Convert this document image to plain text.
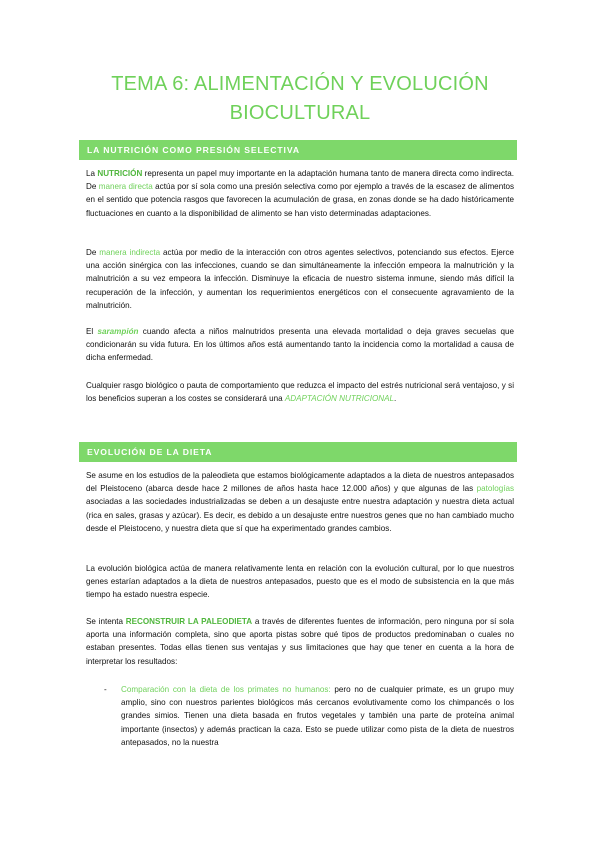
TEMA 6: ALIMENTACIÓN Y EVOLUCIÓN
BIOCULTURAL
LA NUTRICIÓN COMO PRESIÓN SELECTIVA

La NUTRICIÓN representa un papel muy importante en la adaptación humana tanto de manera directa como indirecta. De manera directa actúa por sí sola como una presión selectiva como por ejemplo a través de la escasez de alimentos en el sentido que potencia rasgos que favorecen la acumulación de grasa, en zonas donde se ha dado históricamente fluctuaciones en cuanto a la disponibilidad de alimento se han visto determinadas adaptaciones.

De manera indirecta actúa por medio de la interacción con otros agentes selectivos, potenciando sus efectos. Ejerce una acción sinérgica con las infecciones, cuando se dan simultáneamente la infección empeora la malnutrición y la malnutrición a su vez empeora la infección. Disminuye la eficacia de nuestro sistema inmune, siendo más difícil la recuperación de la infección, y aumentan los requerimientos energéticos con el consecuente agravamiento de la malnutrición.

El sarampión cuando afecta a niños malnutridos presenta una elevada mortalidad o deja graves secuelas que condicionarán su vida futura. En los últimos años está aumentando tanto la incidencia como la mortalidad a causa de dicha enfermedad.

Cualquier rasgo biológico o pauta de comportamiento que reduzca el impacto del estrés nutricional será ventajoso, y si los beneficios superan a los costes se considerará una ADAPTACIÓN NUTRICIONAL.

EVOLUCIÓN DE LA DIETA

Se asume en los estudios de la paleodieta que estamos biológicamente adaptados a la dieta de nuestros antepasados del Pleistoceno (abarca desde hace 2 millones de años hasta hace 12.000 años) y que algunas de las patologías asociadas a las sociedades industrializadas se deben a un desajuste entre nuestra adaptación y nuestra dieta actual (rica en sales, grasas y azúcar). Es decir, es debido a un desajuste entre nuestros genes que no han cambiado mucho desde el Pleistoceno, y nuestra dieta que sí que ha experimentado grandes cambios.

La evolución biológica actúa de manera relativamente lenta en relación con la evolución cultural, por lo que nuestros genes estarían adaptados a la dieta de nuestros antepasados, puesto que es el modo de subsistencia en la que más tiempo ha estado nuestra especie.

Se intenta RECONSTRUIR LA PALEODIETA a través de diferentes fuentes de información, pero ninguna por sí sola aporta una información completa, sino que aporta pistas sobre qué tipos de productos predominaban o cuales no estaban presentes. Todas ellas tienen sus ventajas y sus limitaciones que hay que tener en cuenta a la hora de interpretar los resultados:

- Comparación con la dieta de los primates no humanos: pero no de cualquier primate, es un grupo muy amplio, sino con nuestros parientes biológicos más cercanos evolutivamente como los chimpancés o los grandes simios. Tienen una dieta basada en frutos vegetales y también una parte de proteína animal importante (insectos) y además practican la caza. Esto se puede utilizar como pista de la dieta de nuestros antepasados, no la nuestra
